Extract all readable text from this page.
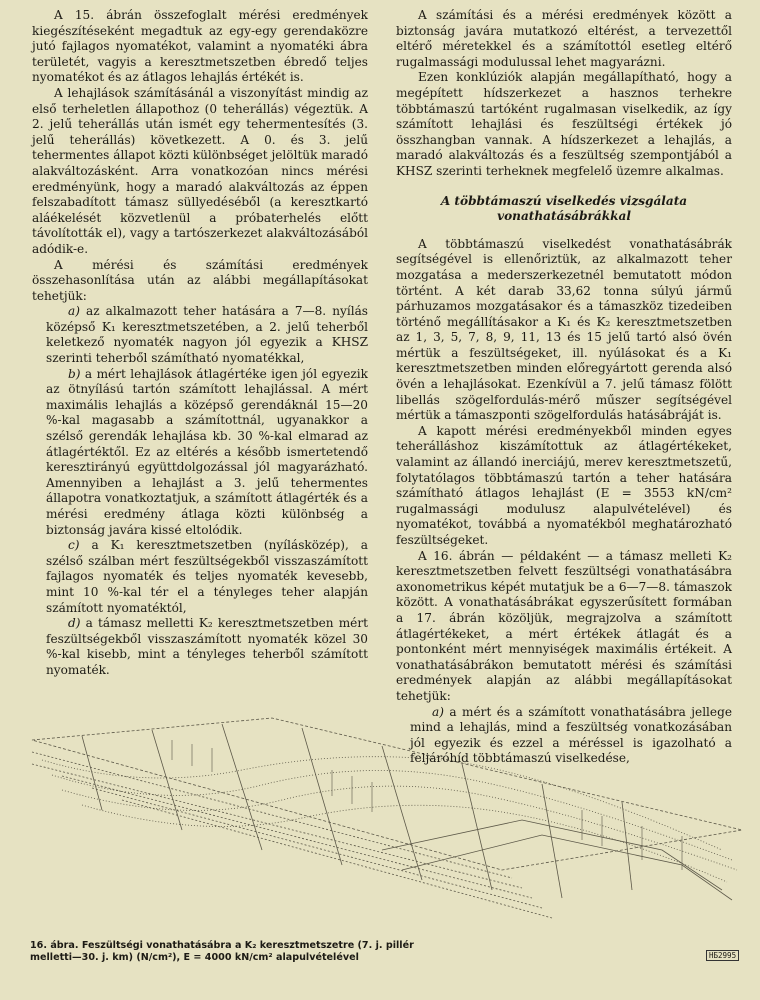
A 15. ábrán összefoglalt mérési eredmények kiegészítéseként megadtuk az egy-egy gerendaközre jutó fajlagos nyomatékot, valamint a nyomatéki ábra területét, vagyis a keresztmetszetben ébredő teljes nyomatékot és az átlagos lehajlás értékét is.

A lehajlások számításánál a viszonyítást mindig az első terheletlen állapothoz (0 teherállás) végeztük. A 2. jelű teherállás után ismét egy tehermentesítés (3. jelű teherállás) következett. A 0. és 3. jelű tehermentes állapot közti különbséget jelöltük maradó alakváltozásként. Arra vonatkozóan nincs mérési eredményünk, hogy a maradó alakváltozás az éppen felszabadított támasz süllyedéséből (a keresztkartó aláékelését közvetlenül a próbaterhelés előtt távolították el), vagy a tartószerkezet alakváltozásából adódik-e.

A mérési és számítási eredmények összehasonlítása után az alábbi megállapításokat tehetjük:

a) az alkalmazott teher hatására a 7—8. nyílás középső K₁ keresztmetszetében, a 2. jelű teherből keletkező nyomaték nagyon jól egyezik a KHSZ szerinti teherből számítható nyomatékkal,

b) a mért lehajlások átlagértéke igen jól egyezik az ötnyílású tartón számított lehajlással. A mért maximális lehajlás a középső gerendáknál 15—20 %-kal magasabb a számítottnál, ugyanakkor a szélső gerendák lehajlása kb. 30 %-kal elmarad az átlagértéktől. Ez az eltérés a később ismertetendő keresztirányú együttdolgozással jól magyarázható. Amennyiben a lehajlást a 3. jelű tehermentes állapotra vonatkoztatjuk, a számított átlagérték és a mérési eredmény átlaga közti különbség a biztonság javára kissé eltolódik.

c) a K₁ keresztmetszetben (nyílásközép), a szélső szálban mért feszültségekből visszaszámított fajlagos nyomaték és teljes nyomaték kevesebb, mint 10 %-kal tér el a tényleges teher alapján számított nyomatéktól,

d) a támasz melletti K₂ keresztmetszetben mért feszültségekből visszaszámított nyomaték közel 30 %-kal kisebb, mint a tényleges teherből számított nyomaték.

A számítási és a mérési eredmények között a biztonság javára mutatkozó eltérést, a tervezettől eltérő méretekkel és a számítottól esetleg eltérő rugalmassági modulussal lehet magyarázni.

Ezen konklúziók alapján megállapítható, hogy a megépített hídszerkezet a hasznos terhekre többtámaszú tartóként rugalmasan viselkedik, az így számított lehajlási és feszültségi értékek jó összhangban vannak. A hídszerkezet a lehajlás, a maradó alakváltozás és a feszültség szempontjából a KHSZ szerinti terheknek megfelelő üzemre alkalmas.

A többtámaszú viselkedés vizsgálata
vonathatásábrákkal

A többtámaszú viselkedést vonathatásábrák segítségével is ellenőriztük, az alkalmazott teher mozgatása a mederszerkezetnél bemutatott módon történt. A két darab 33,62 tonna súlyú jármű párhuzamos mozgatásakor és a támaszköz tizedeiben történő megállításakor a K₁ és K₂ keresztmetszetben az 1, 3, 5, 7, 8, 9, 11, 13 és 15 jelű tartó alsó övén mértük a feszültségeket, ill. nyúlásokat és a K₁ keresztmetszetben minden előregyártott gerenda alsó övén a lehajlásokat. Ezenkívül a 7. jelű támasz fölött libellás szögelfordulás-mérő műszer segítségével mértük a támaszponti szögelfordulás hatásábráját is.

A kapott mérési eredményekből minden egyes teherálláshoz kiszámítottuk az átlagértékeket, valamint az állandó inerciájú, merev keresztmetszetű, folytatólagos többtámaszú tartón a teher hatására számítható átlagos lehajlást (E = 3553 kN/cm² rugalmassági modulusz alapulvételével) és nyomatékot, továbbá a nyomatékból meghatározható feszültségeket.

A 16. ábrán — példaként — a támasz melleti K₂ keresztmetszetben felvett feszültségi vonathatásábra axonometrikus képét mutatjuk be a 6—7—8. támaszok között. A vonathatásábrákat egyszerűsített formában a 17. ábrán közöljük, megrajzolva a számított átlagértékeket, a mért értékek átlagát és a pontonként mért mennyiségek maximális értékeit. A vonathatásábrákon bemutatott mérési és számítási eredmények alapján az alábbi megállapításokat tehetjük:

a) a mért és a számított vonathatásábra jellege mind a lehajlás, mind a feszültség vonatkozásában jól egyezik és ezzel a méréssel is igazolható a feljáróhíd többtámaszú viselkedése,

16. ábra. Feszültségi vonathatásábra a K₂ keresztmetszetre (7. j. pillér
melletti—30. j. km) (N/cm²), E = 4000 kN/cm² alapulvételével	НБ2995
